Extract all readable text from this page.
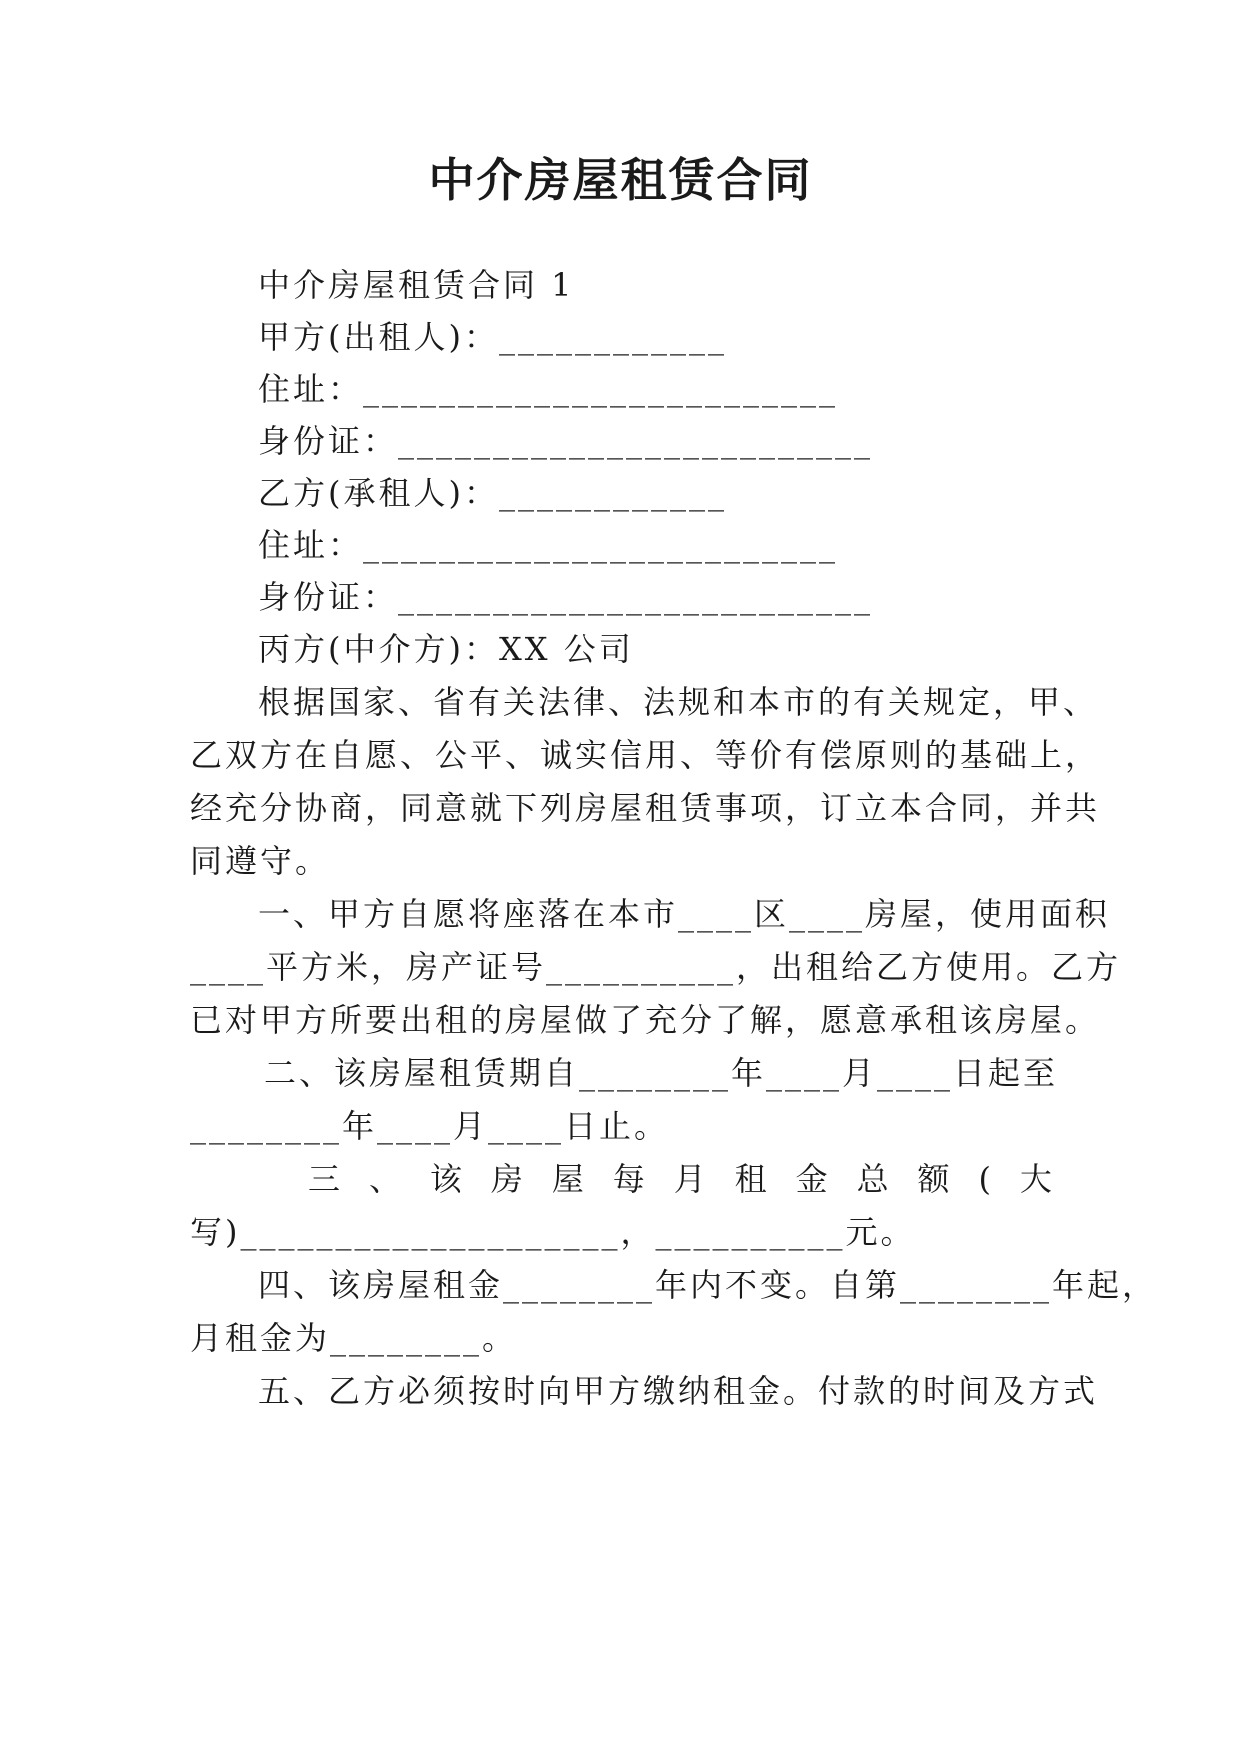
中介房屋租赁合同
中介房屋租赁合同 1
甲方(出租人)：____________
住址：_________________________
身份证：_________________________
乙方(承租人)：____________
住址：_________________________
身份证：_________________________
丙方(中介方)：XX 公司
根据国家、省有关法律、法规和本市的有关规定，甲、
乙双方在自愿、公平、诚实信用、等价有偿原则的基础上，
经充分协商，同意就下列房屋租赁事项，订立本合同，并共
同遵守。
一、甲方自愿将座落在本市____区____房屋，使用面积
____平方米，房产证号__________，出租给乙方使用。乙方
已对甲方所要出租的房屋做了充分了解，愿意承租该房屋。
二、该房屋租赁期自________年____月____日起至
________年____月____日止。
三 、 该 房 屋 每 月 租 金 总 额 ( 大
写)____________________，__________元。
四、该房屋租金________年内不变。自第________年起，
月租金为________。
五、乙方必须按时向甲方缴纳租金。付款的时间及方式
